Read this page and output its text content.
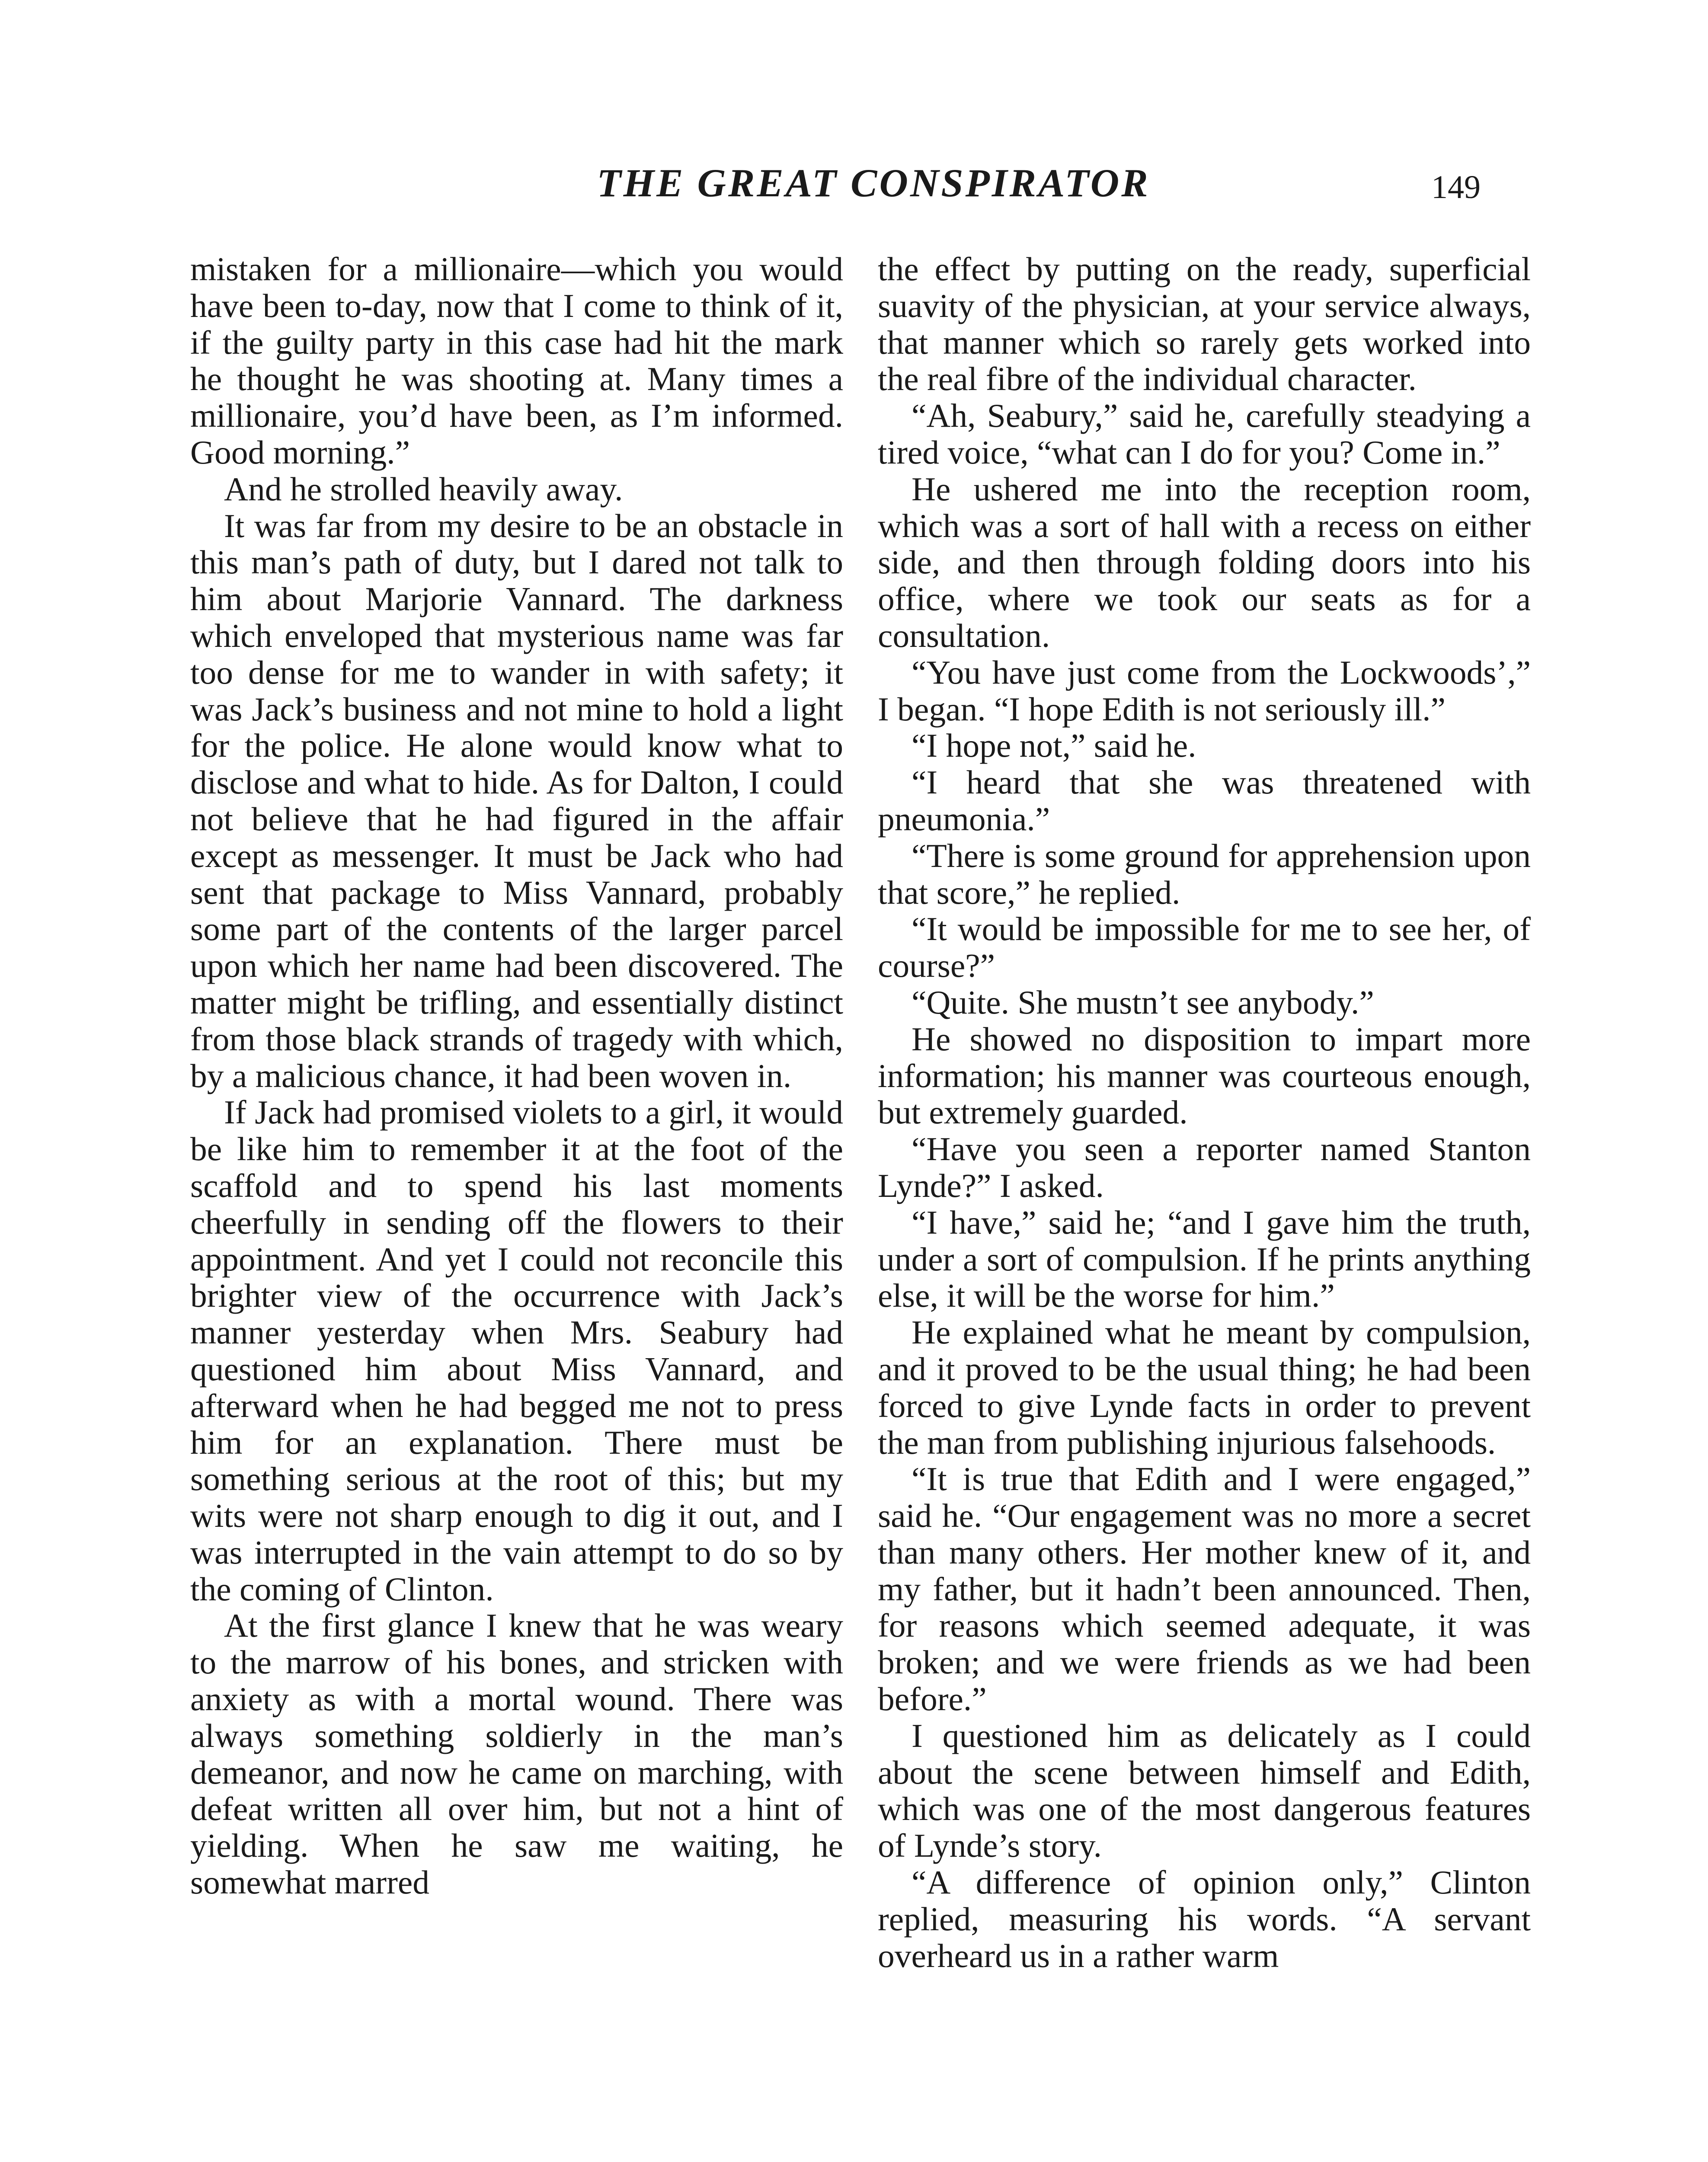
THE GREAT CONSPIRATOR	149

mistaken for a millionaire—which you would have been to-day, now that I come to think of it, if the guilty party in this case had hit the mark he thought he was shooting at. Many times a millionaire, you’d have been, as I’m informed. Good morning.”

And he strolled heavily away.

It was far from my desire to be an obstacle in this man’s path of duty, but I dared not talk to him about Marjorie Vannard. The darkness which enveloped that mysterious name was far too dense for me to wander in with safety; it was Jack’s business and not mine to hold a light for the police. He alone would know what to disclose and what to hide. As for Dalton, I could not believe that he had figured in the affair except as messenger. It must be Jack who had sent that package to Miss Vannard, probably some part of the contents of the larger parcel upon which her name had been discovered. The matter might be trifling, and essentially distinct from those black strands of tragedy with which, by a malicious chance, it had been woven in.

If Jack had promised violets to a girl, it would be like him to remember it at the foot of the scaffold and to spend his last moments cheerfully in sending off the flowers to their appointment. And yet I could not reconcile this brighter view of the occurrence with Jack’s manner yesterday when Mrs. Seabury had questioned him about Miss Vannard, and afterward when he had begged me not to press him for an explanation. There must be something serious at the root of this; but my wits were not sharp enough to dig it out, and I was interrupted in the vain attempt to do so by the coming of Clinton.

At the first glance I knew that he was weary to the marrow of his bones, and stricken with anxiety as with a mortal wound. There was always something soldierly in the man’s demeanor, and now he came on marching, with defeat written all over him, but not a hint of yielding. When he saw me waiting, he somewhat marred

the effect by putting on the ready, superficial suavity of the physician, at your service always, that manner which so rarely gets worked into the real fibre of the individual character.

“Ah, Seabury,” said he, carefully steadying a tired voice, “what can I do for you? Come in.”

He ushered me into the reception room, which was a sort of hall with a recess on either side, and then through folding doors into his office, where we took our seats as for a consultation.

“You have just come from the Lockwoods’,” I began. “I hope Edith is not seriously ill.”

“I hope not,” said he.

“I heard that she was threatened with pneumonia.”

“There is some ground for apprehension upon that score,” he replied.

“It would be impossible for me to see her, of course?”

“Quite. She mustn’t see anybody.”

He showed no disposition to impart more information; his manner was courteous enough, but extremely guarded.

“Have you seen a reporter named Stanton Lynde?” I asked.

“I have,” said he; “and I gave him the truth, under a sort of compulsion. If he prints anything else, it will be the worse for him.”

He explained what he meant by compulsion, and it proved to be the usual thing; he had been forced to give Lynde facts in order to prevent the man from publishing injurious falsehoods.

“It is true that Edith and I were engaged,” said he. “Our engagement was no more a secret than many others. Her mother knew of it, and my father, but it hadn’t been announced. Then, for reasons which seemed adequate, it was broken; and we were friends as we had been before.”

I questioned him as delicately as I could about the scene between himself and Edith, which was one of the most dangerous features of Lynde’s story.

“A difference of opinion only,” Clinton replied, measuring his words. “A servant overheard us in a rather warm
